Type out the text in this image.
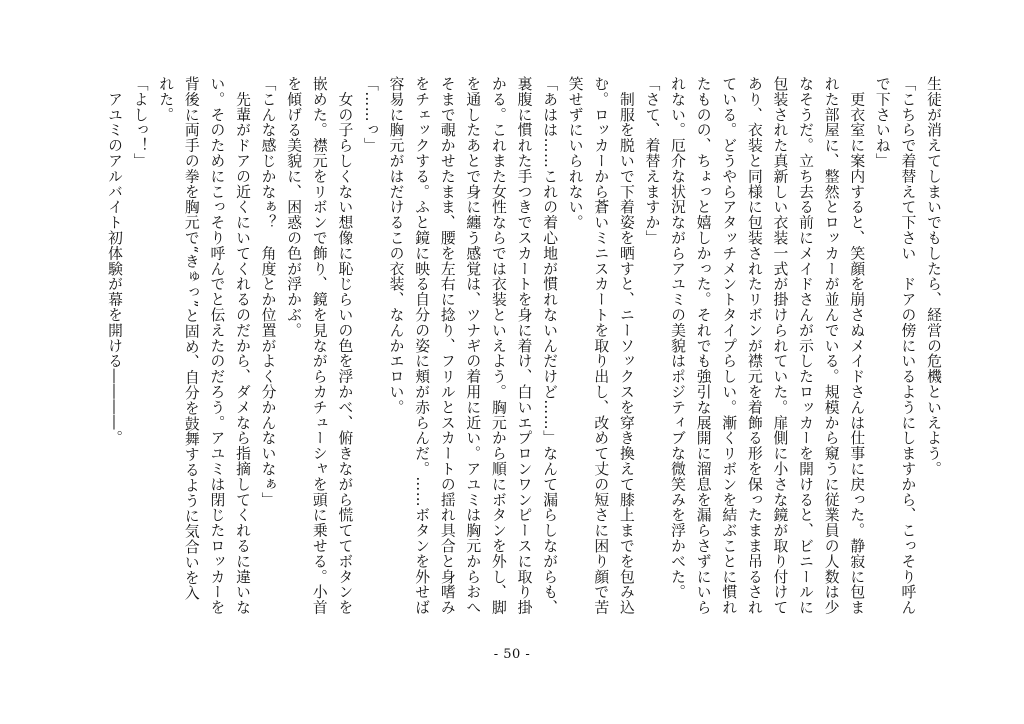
生徒が消えてしまいでもしたら、経営の危機といえよう。

「こちらで着替えて下さい　ドアの傍にいるようにしますから、こっそり呼ん

で下さいね」

　更衣室に案内すると、笑顔を崩さぬメイドさんは仕事に戻った。静寂に包ま

れた部屋に、整然とロッカーが並んでいる。規模から窺うに従業員の人数は少

なそうだ。立ち去る前にメイドさんが示したロッカーを開けると、ビニールに

包装された真新しい衣装一式が掛けられていた。扉側に小さな鏡が取り付けて

あり、衣装と同様に包装されたリボンが襟元を着飾る形を保ったまま吊るされ

ている。どうやらアタッチメントタイプらしい。漸くリボンを結ぶことに慣れ

たものの、ちょっと嬉しかった。それでも強引な展開に溜息を漏らさずにいら

れない。厄介な状況ながらアユミの美貌はポジティブな微笑みを浮かべた。

「さて、着替えますか」

　制服を脱いで下着姿を晒すと、ニーソックスを穿き換えて膝上までを包み込

む。ロッカーから蒼いミニスカートを取り出し、改めて丈の短さに困り顔で苦

笑せずにいられない。

「あはは……これの着心地が慣れないんだけど……」なんて漏らしながらも、

裏腹に慣れた手つきでスカートを身に着け、白いエプロンワンピースに取り掛

かる。これまた女性ならでは衣装といえよう。胸元から順にボタンを外し、脚

を通したあとで身に纏う感覚は、ツナギの着用に近い。アユミは胸元からおへ

そまで覗かせたまま、腰を左右に捻り、フリルとスカートの揺れ具合と身嗜み

をチェックする。ふと鏡に映る自分の姿に頬が赤らんだ。……ボタンを外せば

容易に胸元がはだけるこの衣装、なんかエロい。

「……っ」

　女の子らしくない想像に恥じらいの色を浮かべ、俯きながら慌ててボタンを

嵌めた。襟元をリボンで飾り、鏡を見ながらカチューシャを頭に乗せる。小首

を傾げる美貌に、困惑の色が浮かぶ。

「こんな感じかなぁ？　角度とか位置がよく分かんないなぁ」

　先輩がドアの近くにいてくれるのだから、ダメなら指摘してくれるに違いな

い。そのためにこっそり呼んでと伝えたのだろう。アユミは閉じたロッカーを

背後に両手の拳を胸元で“きゅっ”と固め、自分を鼓舞するように気合いを入

れた。

「よしっ！」

　アユミのアルバイト初体験が幕を開ける――――。

- 50 -
